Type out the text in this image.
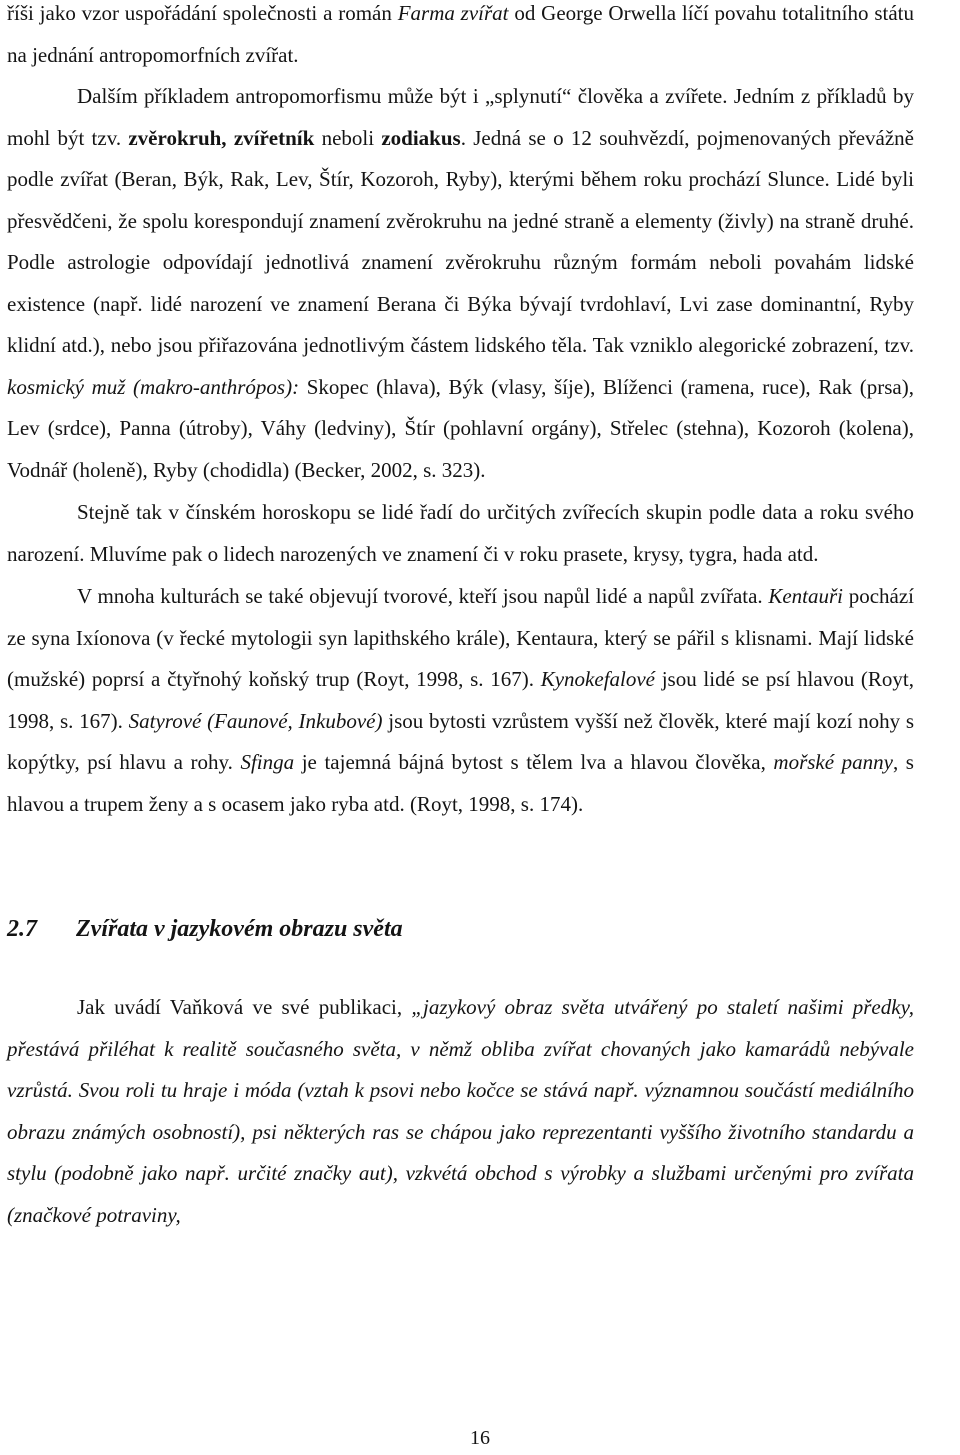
říši jako vzor uspořádání společnosti a román Farma zvířat od George Orwella líčí povahu totalitního státu na jednání antropomorfních zvířat.

Dalším příkladem antropomorfismu může být i „splynutí“ člověka a zvířete. Jedním z příkladů by mohl být tzv. zvěrokruh, zvířetník neboli zodiakus. Jedná se o 12 souhvězdí, pojmenovaných převážně podle zvířat (Beran, Býk, Rak, Lev, Štír, Kozoroh, Ryby), kterými během roku prochází Slunce. Lidé byli přesvědčeni, že spolu korespondují znamení zvěrokruhu na jedné straně a elementy (živly) na straně druhé. Podle astrologie odpovídají jednotlivá znamení zvěrokruhu různým formám neboli povahám lidské existence (např. lidé narození ve znamení Berana či Býka bývají tvrdohlaví, Lvi zase dominantní, Ryby klidní atd.), nebo jsou přiřazována jednotlivým částem lidského těla. Tak vzniklo alegorické zobrazení, tzv. kosmický muž (makro-anthrópos): Skopec (hlava), Býk (vlasy, šíje), Blíženci (ramena, ruce), Rak (prsa), Lev (srdce), Panna (útroby), Váhy (ledviny), Štír (pohlavní orgány), Střelec (stehna), Kozoroh (kolena), Vodnář (holeně), Ryby (chodidla) (Becker, 2002, s. 323).

Stejně tak v čínském horoskopu se lidé řadí do určitých zvířecích skupin podle data a roku svého narození. Mluvíme pak o lidech narozených ve znamení či v roku prasete, krysy, tygra, hada atd.

V mnoha kulturách se také objevují tvorové, kteří jsou napůl lidé a napůl zvířata. Kentauři pochází ze syna Ixíonova (v řecké mytologii syn lapithského krále), Kentaura, který se pářil s klisnami. Mají lidské (mužské) poprsí a čtyřnohý koňský trup (Royt, 1998, s. 167). Kynokefalové jsou lidé se psí hlavou (Royt, 1998, s. 167). Satyrové (Faunové, Inkubové) jsou bytosti vzrůstem vyšší než člověk, které mají kozí nohy s kopýtky, psí hlavu a rohy. Sfinga je tajemná bájná bytost s tělem lva a hlavou člověka, mořské panny, s hlavou a trupem ženy a s ocasem jako ryba atd. (Royt, 1998, s. 174).

2.7 Zvířata v jazykovém obrazu světa

Jak uvádí Vaňková ve své publikaci, „jazykový obraz světa utvářený po staletí našimi předky, přestává přiléhat k realitě současného světa, v němž obliba zvířat chovaných jako kamarádů nebývale vzrůstá. Svou roli tu hraje i móda (vztah k psovi nebo kočce se stává např. významnou součástí mediálního obrazu známých osobností), psi některých ras se chápou jako reprezentanti vyššího životního standardu a stylu (podobně jako např. určité značky aut), vzkvétá obchod s výrobky a službami určenými pro zvířata (značkové potraviny,

16
